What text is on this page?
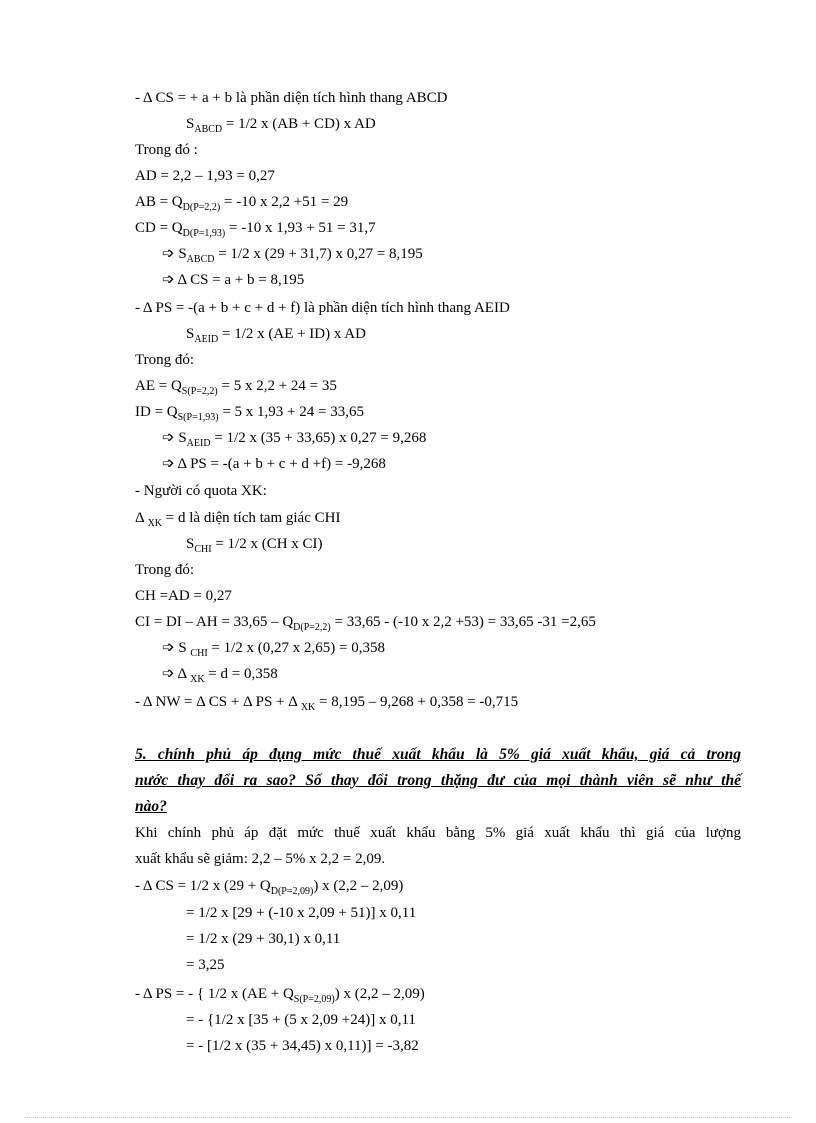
- Δ CS = + a + b là phần diện tích hình thang ABCD
$S_{ABCD} = 1/2$ x (AB + CD) x AD
Trong đó :
AD = 2,2 – 1,93 = 0,27
AB = $Q_{D(P=2,2)} = -10$ x 2,2 +51 = 29
CD = $Q_{D(P=1,93)} = -10$ x 1,93 + 51 = 31,7
➩ $S_{ABCD} = 1/2$ x (29 + 31,7) x 0,27 = 8,195
➩ Δ CS = a + b = 8,195
- Δ PS = -(a + b + c + d + f) là phần diện tích hình thang AEID
$S_{AEID} = 1/2$ x (AE + ID) x AD
Trong đó:
AE = $Q_{S(P=2,2)} = 5$ x 2,2 + 24 = 35
ID = $Q_{S(P=1,93)} = 5$ x 1,93 + 24 = 33,65
➩ $S_{AEID} = 1/2$ x (35 + 33,65) x 0,27 = 9,268
➩ Δ PS = -(a + b + c + d +f) = -9,268
- Người có quota XK:
Δ $_{XK}$ = d là diện tích tam giác CHI
$S_{CHI} = 1/2$ x (CH x CI)
Trong đó:
CH =AD = 0,27
CI = DI – AH = $33,65 - Q_{D(P=2,2)} = 33,65 - (-10$ x 2,2 +53) = 33,65 -31 =2,65
➩ S $_{CHI}$ = 1/2 x (0,27 x 2,65) = 0,358
➩ Δ $_{XK}$ = d = 0,358
- Δ NW = Δ CS + Δ PS + Δ $_{XK}$ = 8,195 – 9,268 + 0,358 = -0,715
5. chính phủ áp đụng mức thuế xuất khẩu là 5% giá xuất khẩu, giá cả trong
nước thay đổi ra sao? Số thay đổi trong thặng đư của mọi thành viên sẽ như thế
nào?
Khi chính phủ áp đặt mức thuế xuất khẩu bằng 5% giá xuất khẩu thì giá của lượng
xuất khẩu sẽ giảm: 2,2 – 5% x 2,2 = 2,09.
- Δ CS = 1/2 x $(29 + Q_{D(P=2,09)})$ x (2,2 – 2,09)
= 1/2 x [29 + (-10 x 2,09 + 51)] x 0,11
= 1/2 x (29 + 30,1) x 0,11
= 3,25
- Δ PS = - { 1/2 x $(AE + Q_{S(P=2,09)})$ x (2,2 – 2,09)
= - {1/2 x [35 + (5 x 2,09 +24)] x 0,11
= - [1/2 x (35 + 34,45) x 0,11)] = -3,82
